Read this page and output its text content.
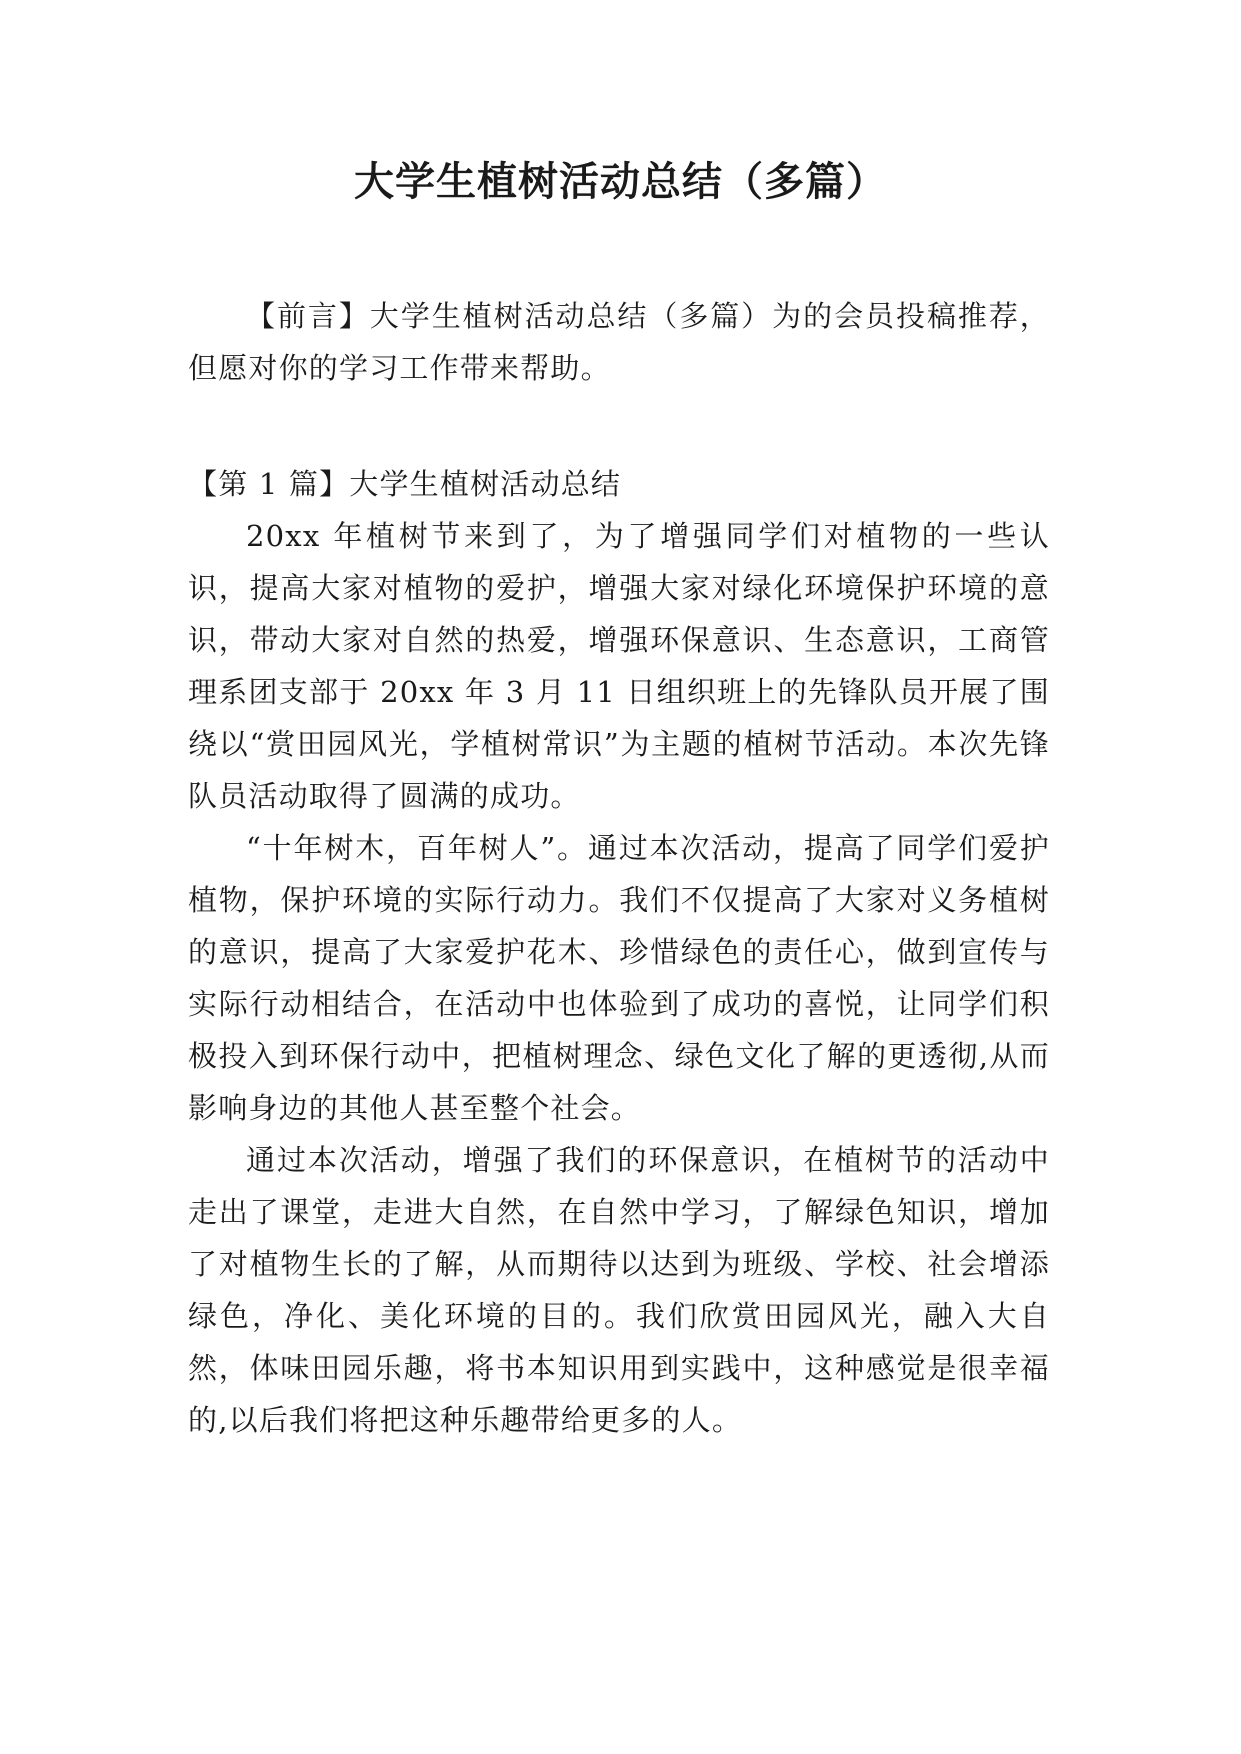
大学生植树活动总结（多篇）

【前言】大学生植树活动总结（多篇）为的会员投稿推荐，但愿对你的学习工作带来帮助。

【第 1 篇】大学生植树活动总结

20xx 年植树节来到了，为了增强同学们对植物的一些认识，提高大家对植物的爱护，增强大家对绿化环境保护环境的意识，带动大家对自然的热爱，增强环保意识、生态意识，工商管理系团支部于 20xx 年 3 月 11 日组织班上的先锋队员开展了围绕以“赏田园风光，学植树常识”为主题的植树节活动。本次先锋队员活动取得了圆满的成功。

“十年树木，百年树人”。通过本次活动，提高了同学们爱护植物，保护环境的实际行动力。我们不仅提高了大家对义务植树的意识，提高了大家爱护花木、珍惜绿色的责任心，做到宣传与实际行动相结合，在活动中也体验到了成功的喜悦，让同学们积极投入到环保行动中，把植树理念、绿色文化了解的更透彻,从而影响身边的其他人甚至整个社会。

通过本次活动，增强了我们的环保意识，在植树节的活动中走出了课堂，走进大自然，在自然中学习，了解绿色知识，增加了对植物生长的了解，从而期待以达到为班级、学校、社会增添绿色，净化、美化环境的目的。我们欣赏田园风光，融入大自然，体味田园乐趣，将书本知识用到实践中，这种感觉是很幸福的,以后我们将把这种乐趣带给更多的人。
